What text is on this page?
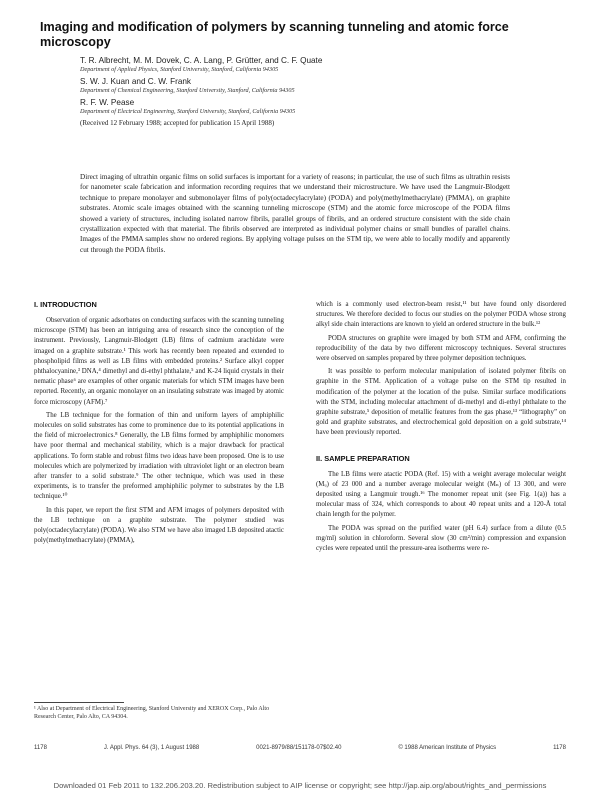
Imaging and modification of polymers by scanning tunneling and atomic force microscopy
T. R. Albrecht, M. M. Dovek, C. A. Lang, P. Grütter, and C. F. Quate
Department of Applied Physics, Stanford University, Stanford, California 94305
S. W. J. Kuan and C. W. Frank
Department of Chemical Engineering, Stanford University, Stanford, California 94305
R. F. W. Pease
Department of Electrical Engineering, Stanford University, Stanford, California 94305
(Received 12 February 1988; accepted for publication 15 April 1988)
Direct imaging of ultrathin organic films on solid surfaces is important for a variety of reasons; in particular, the use of such films as ultrathin resists for nanometer scale fabrication and information recording requires that we understand their microstructure. We have used the Langmuir-Blodgett technique to prepare monolayer and submonolayer films of poly(octadecylacrylate) (PODA) and poly(methylmethacrylate) (PMMA), on graphite substrates. Atomic scale images obtained with the scanning tunneling microscope (STM) and the atomic force microscope of the PODA films showed a variety of structures, including isolated narrow fibrils, parallel groups of fibrils, and an ordered structure consistent with the side chain crystallization expected with that material. The fibrils observed are interpreted as individual polymer chains or small bundles of parallel chains. Images of the PMMA samples show no ordered regions. By applying voltage pulses on the STM tip, we were able to locally modify and apparently cut through the PODA fibrils.
I. INTRODUCTION

Observation of organic adsorbates on conducting surfaces with the scanning tunneling microscope (STM) has been an intriguing area of research since the conception of the instrument. Previously, Langmuir-Blodgett (LB) films of cadmium arachidate were imaged on a graphite substrate.¹ This work has recently been repeated and extended to phospholipid films as well as LB films with embedded proteins.² Surface alkyl copper phthalocyanine,³ DNA,⁴ dimethyl and di-ethyl phthalate,⁵ and K-24 liquid crystals in their nematic phase⁶ are examples of other organic materials for which STM images have been reported. Recently, an organic monolayer on an insulating substrate was imaged by atomic force microscopy (AFM).⁷

The LB technique for the formation of thin and uniform layers of amphiphilic molecules on solid substrates has come to prominence due to its potential applications in the field of microelectronics.⁸ Generally, the LB films formed by amphiphilic monomers have poor thermal and mechanical stability, which is a major drawback for practical applications. To form stable and robust films two ideas have been proposed. One is to use molecules which are polymerized by irradiation with ultraviolet light or an electron beam after transfer to a solid substrate.⁹ The other technique, which was used in these experiments, is to transfer the preformed amphiphilic polymer to substrates by the LB technique.¹⁰

In this paper, we report the first STM and AFM images of polymers deposited with the LB technique on a graphite substrate. The polymer studied was poly(octadecylacrylate) (PODA). We also STM we have also imaged LB deposited atactic poly(methylmethacrylate) (PMMA),

which is a commonly used electron-beam resist,¹¹ but have found only disordered structures. We therefore decided to focus our studies on the polymer PODA whose strong alkyl side chain interactions are known to yield an ordered structure in the bulk.¹²

PODA structures on graphite were imaged by both STM and AFM, confirming the reproducibility of the data by two different microscopy techniques. Several structures were observed on samples prepared by three polymer deposition techniques.

It was possible to perform molecular manipulation of isolated polymer fibrils on graphite in the STM. Application of a voltage pulse on the STM tip resulted in modification of the polymer at the location of the pulse. Similar surface modifications with the STM, including molecular attachment of di-methyl and di-ethyl phthalate to the graphite substrate,⁵ deposition of metallic features from the gas phase,¹³ “lithography” on gold and graphite substrates, and electrochemical gold deposition on a gold substrate,¹⁴ have been previously reported.

II. SAMPLE PREPARATION

The LB films were atactic PODA (Ref. 15) with a weight average molecular weight (Mᵤ) of 23 000 and a number average molecular weight (Mₙ) of 13 300, and were deposited using a Langmuir trough.¹⁶ The monomer repeat unit (see Fig. 1(a)) has a molecular mass of 324, which corresponds to about 40 repeat units and a 120-Å total chain length for the polymer.

The PODA was spread on the purified water (pH 6.4) surface from a dilute (0.5 mg/ml) solution in chloroform. Several slow (30 cm²/min) compression and expansion cycles were repeated until the pressure-area isotherms were re-

¹ Also at Department of Electrical Engineering, Stanford University and XEROX Corp., Palo Alto Research Center, Palo Alto, CA 94304.
1178	J. Appl. Phys. 64 (3), 1 August 1988	0021-8979/88/151178-07$02.40	© 1988 American Institute of Physics	1178
Downloaded 01 Feb 2011 to 132.206.203.20. Redistribution subject to AIP license or copyright; see http://jap.aip.org/about/rights_and_permissions
